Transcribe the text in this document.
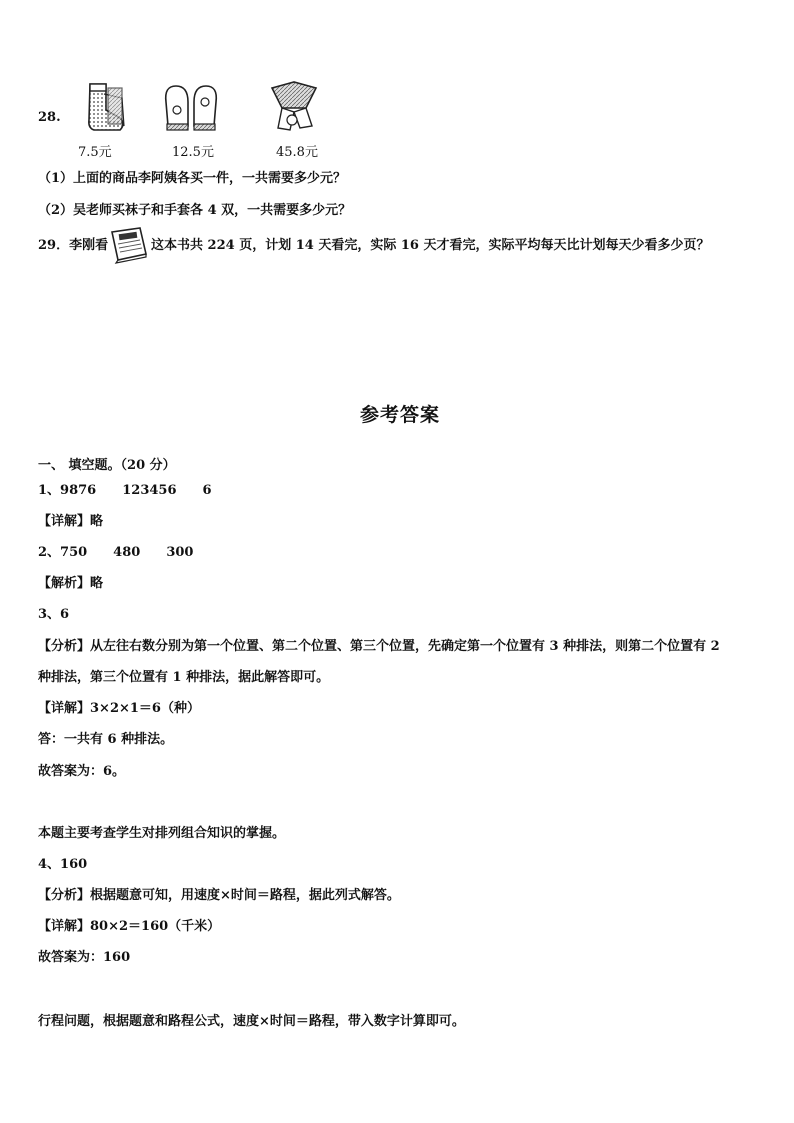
28.
7.5元	12.5元	45.8元
（1）上面的商品李阿姨各买一件，一共需要多少元？
（2）吴老师买袜子和手套各 4 双，一共需要多少元？
29．李刚看	这本书共 224 页，计划 14 天看完，实际 16 天才看完，实际平均每天比计划每天少看多少页？
参考答案
一、 填空题。（20 分）
1、9876　　123456　　6
【详解】略
2、750　　480　　300
【解析】略
3、6
【分析】从左往右数分别为第一个位置、第二个位置、第三个位置，先确定第一个位置有 3 种排法，则第二个位置有 2
种排法，第三个位置有 1 种排法，据此解答即可。
【详解】3×2×1＝6（种）
答：一共有 6 种排法。
故答案为：6。
本题主要考查学生对排列组合知识的掌握。
4、160
【分析】根据题意可知，用速度×时间＝路程，据此列式解答。
【详解】80×2＝160（千米）
故答案为：160
行程问题，根据题意和路程公式，速度×时间＝路程，带入数字计算即可。
